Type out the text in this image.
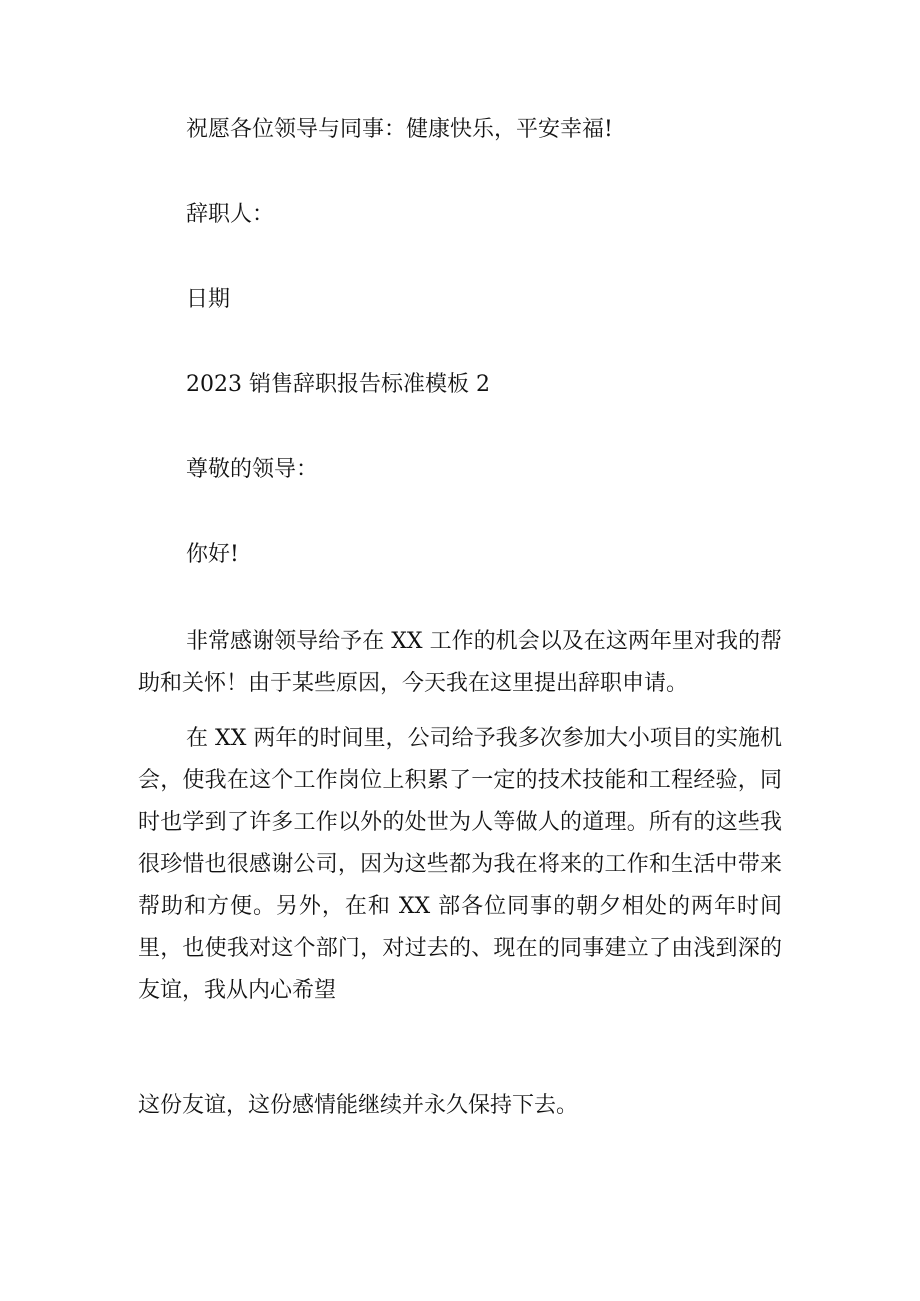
祝愿各位领导与同事：健康快乐，平安幸福!

辞职人：

日期

2023 销售辞职报告标准模板 2

尊敬的领导：

你好!

非常感谢领导给予在 XX 工作的机会以及在这两年里对我的帮助和关怀！由于某些原因，今天我在这里提出辞职申请。

在 XX 两年的时间里，公司给予我多次参加大小项目的实施机会，使我在这个工作岗位上积累了一定的技术技能和工程经验，同时也学到了许多工作以外的处世为人等做人的道理。所有的这些我很珍惜也很感谢公司，因为这些都为我在将来的工作和生活中带来帮助和方便。另外，在和 XX 部各位同事的朝夕相处的两年时间里，也使我对这个部门，对过去的、现在的同事建立了由浅到深的友谊，我从内心希望

这份友谊，这份感情能继续并永久保持下去。
